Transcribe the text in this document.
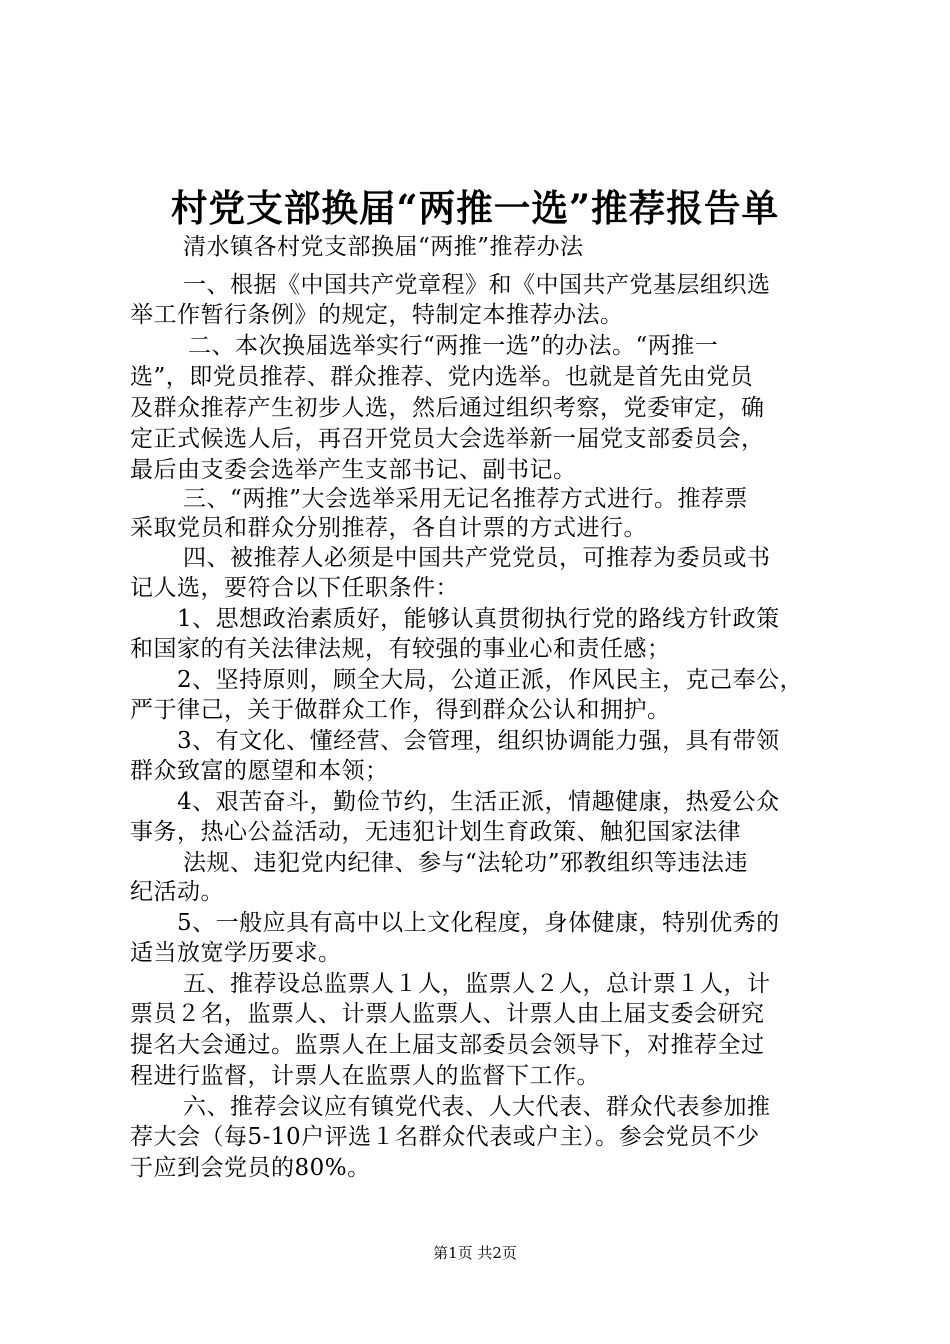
村党支部换届“两推一选”推荐报告单
清水镇各村党支部换届“两推”推荐办法
一、根据《中国共产党章程》和《中国共产党基层组织选
举工作暂行条例》的规定，特制定本推荐办法。
二、本次换届选举实行“两推一选”的办法。“两推一
选”，即党员推荐、群众推荐、党内选举。也就是首先由党员
及群众推荐产生初步人选，然后通过组织考察，党委审定，确
定正式候选人后，再召开党员大会选举新一届党支部委员会，
最后由支委会选举产生支部书记、副书记。
三、“两推”大会选举采用无记名推荐方式进行。推荐票
采取党员和群众分别推荐，各自计票的方式进行。
四、被推荐人必须是中国共产党党员，可推荐为委员或书
记人选，要符合以下任职条件：
1、思想政治素质好，能够认真贯彻执行党的路线方针政策
和国家的有关法律法规，有较强的事业心和责任感；
2、坚持原则，顾全大局，公道正派，作风民主，克己奉公，
严于律己，关于做群众工作，得到群众公认和拥护。
3、有文化、懂经营、会管理，组织协调能力强，具有带领
群众致富的愿望和本领；
4、艰苦奋斗，勤俭节约，生活正派，情趣健康，热爱公众
事务，热心公益活动，无违犯计划生育政策、触犯国家法律
法规、违犯党内纪律、参与“法轮功”邪教组织等违法违
纪活动。
5、一般应具有高中以上文化程度，身体健康，特别优秀的
适当放宽学历要求。
五、推荐设总监票人１人，监票人２人，总计票１人，计
票员２名，监票人、计票人监票人、计票人由上届支委会研究
提名大会通过。监票人在上届支部委员会领导下，对推荐全过
程进行监督，计票人在监票人的监督下工作。
六、推荐会议应有镇党代表、人大代表、群众代表参加推
荐大会（每5-10户评选１名群众代表或户主）。参会党员不少
于应到会党员的80%。
第1页 共2页
